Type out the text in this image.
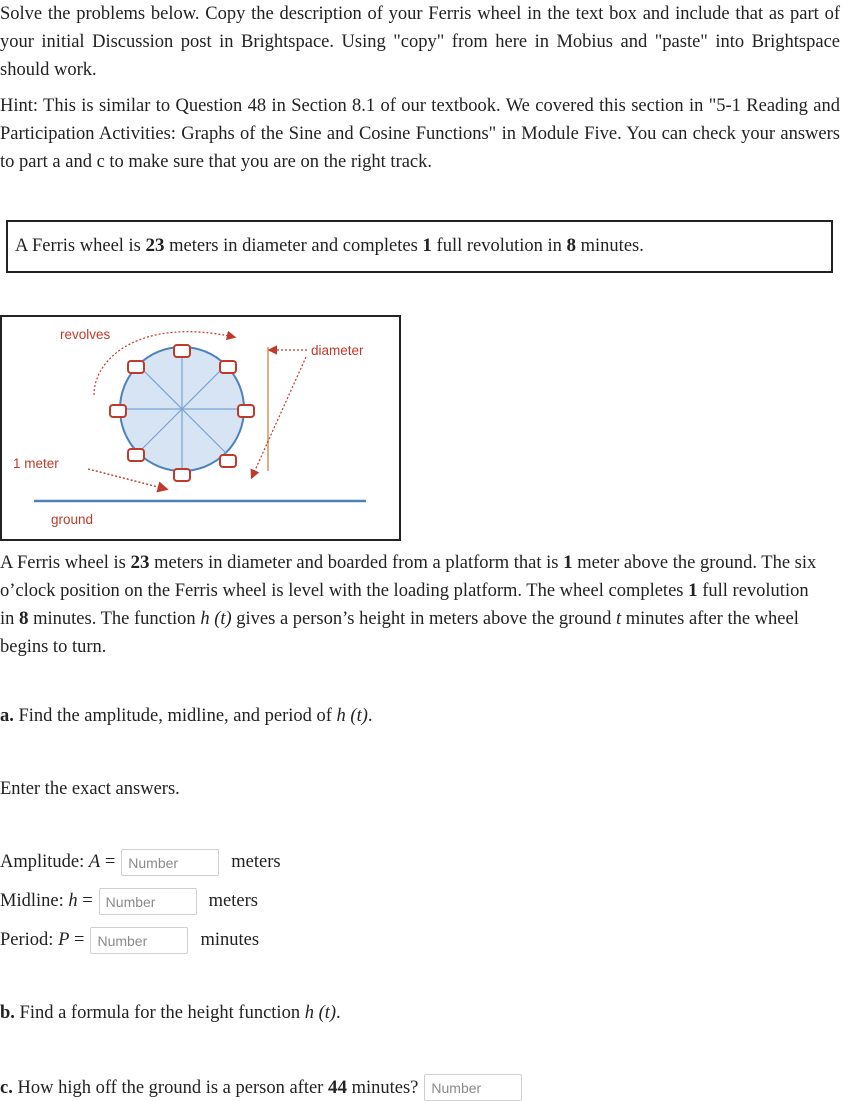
Solve the problems below. Copy the description of your Ferris wheel in the text box and include that as part of your initial Discussion post in Brightspace. Using "copy" from here in Mobius and "paste" into Brightspace should work.
Hint: This is similar to Question 48 in Section 8.1 of our textbook. We covered this section in "5-1 Reading and Participation Activities: Graphs of the Sine and Cosine Functions" in Module Five. You can check your answers to part a and c to make sure that you are on the right track.
A Ferris wheel is 23 meters in diameter and completes 1 full revolution in 8 minutes.
revolves
diameter
1 meter
ground
A Ferris wheel is 23 meters in diameter and boarded from a platform that is 1 meter above the ground. The six o’clock position on the Ferris wheel is level with the loading platform. The wheel completes 1 full revolution in 8 minutes. The function h (t) gives a person’s height in meters above the ground t minutes after the wheel begins to turn.
a. Find the amplitude, midline, and period of h (t).
Enter the exact answers.
Amplitude: A =Number	meters
Midline: h =Number	meters
Period: P =Number	minutes
b. Find a formula for the height function h (t).
c. How high off the ground is a person after 44 minutes?Number
